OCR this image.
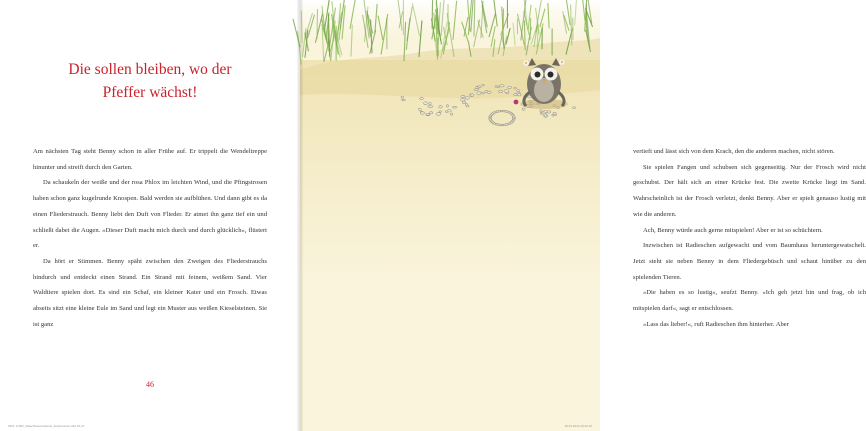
Die sollen bleiben, wo der
Pfeffer wächst!

Am nächsten Tag steht Benny schon in aller Frühe auf. Er trippelt die Wendeltreppe hinunter und streift durch den Garten.

Da schaukeln der weiße und der rosa Phlox im leichten Wind, und die Pfingstrosen haben schon ganz kugelrunde Knospen. Bald werden sie aufblühen. Und dann gibt es da einen Fliederstrauch. Benny liebt den Duft von Flieder. Er atmet ihn ganz tief ein und schließt dabei die Augen. »Dieser Duft macht mich durch und durch glücklich«, flüstert er.

Da hört er Stimmen. Benny späht zwischen den Zweigen des Fliederstrauchs hindurch und entdeckt einen Strand. Ein Strand mit feinem, weißem Sand. Vier Waldtiere spielen dort. Es sind ein Schaf, ein kleiner Kater und ein Frosch. Etwas abseits sitzt eine kleine Eule im Sand und legt ein Muster aus weißen Kieselsteinen. Sie ist ganz

46
9321 17902_Waschbaerenbande_Enpfreunde.indd 46-47

vertieft und lässt sich von dem Krach, den die anderen machen, nicht stören.

Sie spielen Fangen und schubsen sich gegenseitig. Nur der Frosch wird nicht geschubst. Der hält sich an einer Krücke fest. Die zweite Krücke liegt im Sand. Wahrscheinlich ist der Frosch verletzt, denkt Benny. Aber er spielt genauso lustig mit wie die anderen.

Ach, Benny würde auch gerne mitspielen! Aber er ist so schüchtern.

Inzwischen ist Radieschen aufgewacht und vom Baumhaus heruntergewatschelt. Jetzt steht sie neben Benny in dem Fliedergebüsch und schaut hinüber zu den spielenden Tieren.

»Die haben es so lustig«, seufzt Benny. »Ich geh jetzt hin und frag, ob ich mitspielen darf«, sagt er entschlossen.

»Lass das lieber!«, ruft Radieschen ihm hinterher. Aber

18.01.2019 19:32:10
